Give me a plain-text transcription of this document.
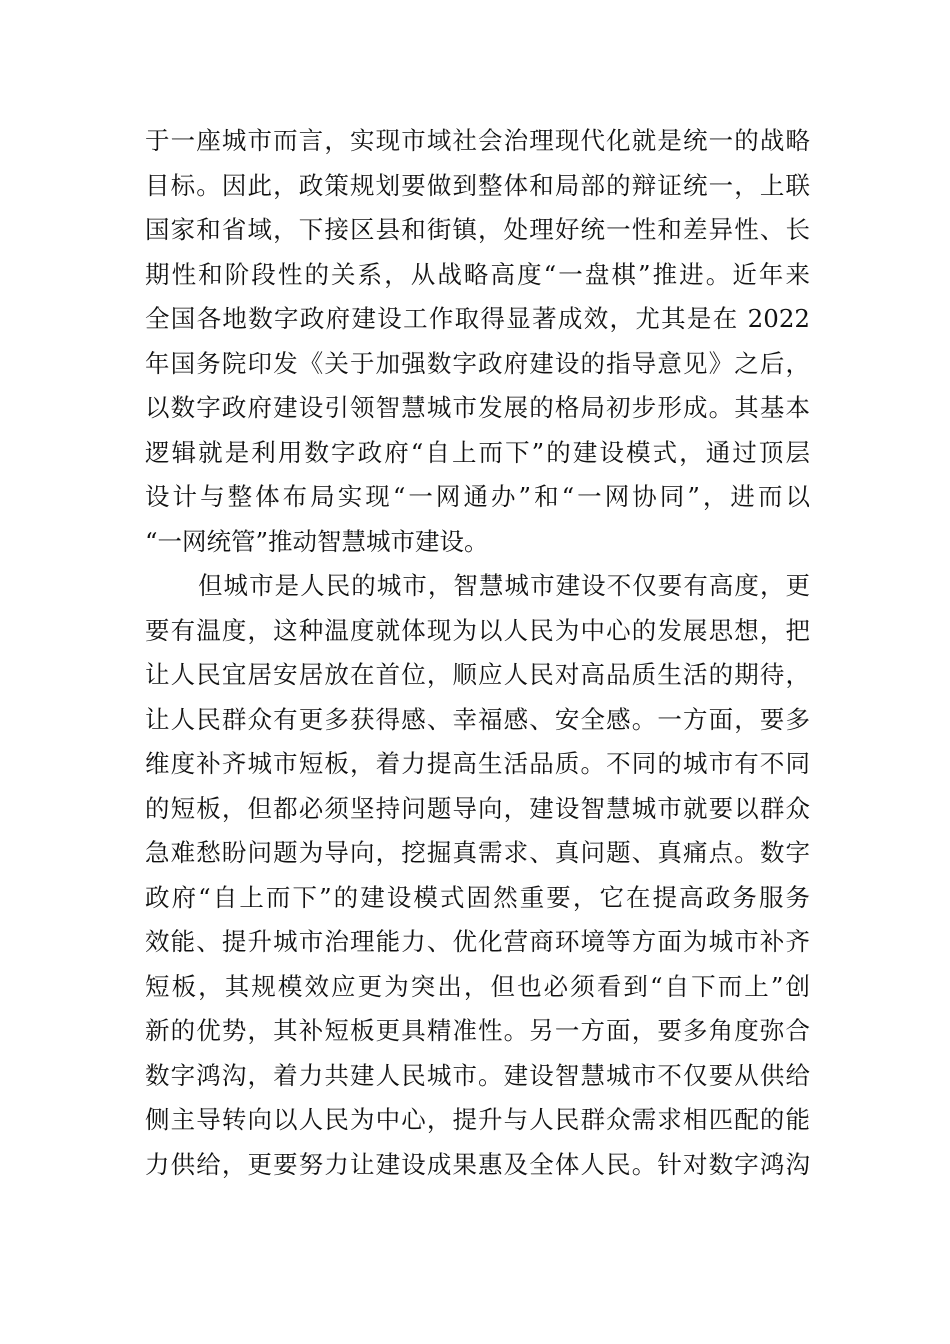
于一座城市而言，实现市域社会治理现代化就是统一的战略
目标。因此，政策规划要做到整体和局部的辩证统一，上联
国家和省域，下接区县和街镇，处理好统一性和差异性、长
期性和阶段性的关系，从战略高度“一盘棋”推进。近年来
全国各地数字政府建设工作取得显著成效，尤其是在 2022
年国务院印发《关于加强数字政府建设的指导意见》之后，
以数字政府建设引领智慧城市发展的格局初步形成。其基本
逻辑就是利用数字政府“自上而下”的建设模式，通过顶层
设计与整体布局实现“一网通办”和“一网协同”，进而以
“一网统管”推动智慧城市建设。
但城市是人民的城市，智慧城市建设不仅要有高度，更
要有温度，这种温度就体现为以人民为中心的发展思想，把
让人民宜居安居放在首位，顺应人民对高品质生活的期待，
让人民群众有更多获得感、幸福感、安全感。一方面，要多
维度补齐城市短板，着力提高生活品质。不同的城市有不同
的短板，但都必须坚持问题导向，建设智慧城市就要以群众
急难愁盼问题为导向，挖掘真需求、真问题、真痛点。数字
政府“自上而下”的建设模式固然重要，它在提高政务服务
效能、提升城市治理能力、优化营商环境等方面为城市补齐
短板，其规模效应更为突出，但也必须看到“自下而上”创
新的优势，其补短板更具精准性。另一方面，要多角度弥合
数字鸿沟，着力共建人民城市。建设智慧城市不仅要从供给
侧主导转向以人民为中心，提升与人民群众需求相匹配的能
力供给，更要努力让建设成果惠及全体人民。针对数字鸿沟
